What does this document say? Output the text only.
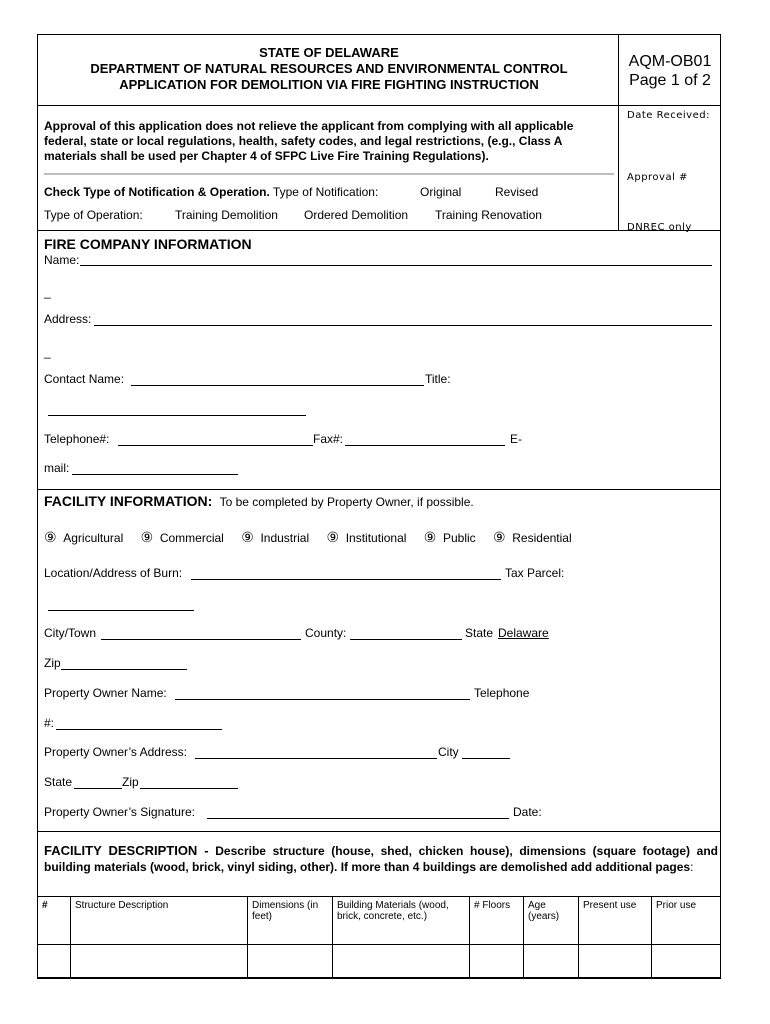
STATE OF DELAWARE
DEPARTMENT OF NATURAL RESOURCES AND ENVIRONMENTAL CONTROL
APPLICATION FOR DEMOLITION VIA FIRE FIGHTING INSTRUCTION
AQM-OB01
Page 1 of 2
Date Received:
Approval #
DNREC only
Approval of this application does not relieve the applicant from complying with all applicable federal, state or local regulations, health, safety codes, and legal restrictions, (e.g., Class A materials shall be used per Chapter 4 of SFPC Live Fire Training Regulations).
Check Type of Notification & Operation. Type of Notification:	Original	Revised
Type of Operation:	Training Demolition Ordered Demolition Training Renovation
FIRE COMPANY INFORMATION
Name:
_
Address:
_
Contact Name:	Title:
Telephone#:	Fax#:	E-
mail:
FACILITY INFORMATION: To be completed by Property Owner, if possible.
⑨ Agricultural ⑨ Commercial ⑨ Industrial ⑨ Institutional ⑨ Public ⑨ Residential
Location/Address of Burn:	Tax Parcel:
City/Town	County:	State Delaware
Zip
Property Owner Name:	Telephone
#:
Property Owner’s Address:	City
State	Zip
Property Owner’s Signature:	Date:
FACILITY DESCRIPTION - Describe structure (house, shed, chicken house), dimensions (square footage) and building materials (wood, brick, vinyl siding, other). If more than 4 buildings are demolished add additional pages:
#	Structure Description	Dimensions (in feet)	Building Materials (wood, brick, concrete, etc.)	# Floors	Age (years)	Present use	Prior use
